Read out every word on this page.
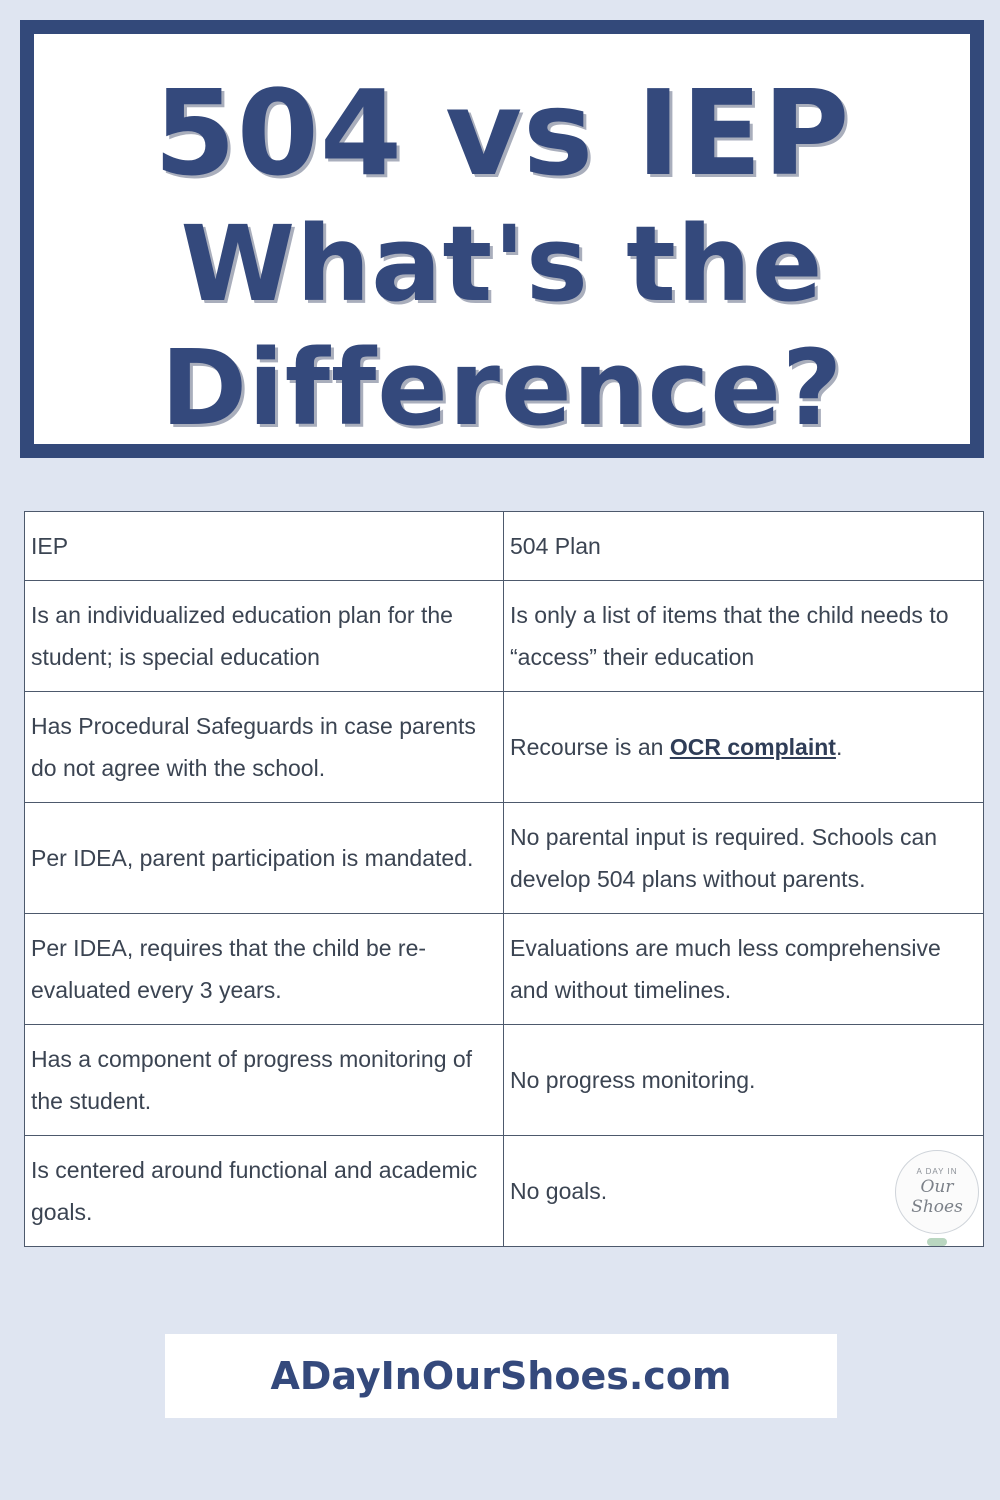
504 vs IEP
What's the
Difference?
IEP	504 Plan
Is an individualized education plan for the student; is special education	Is only a list of items that the child needs to “access” their education
Has Procedural Safeguards in case parents do not agree with the school.	Recourse is an OCR complaint.
Per IDEA, parent participation is mandated.	No parental input is required. Schools can develop 504 plans without parents.
Per IDEA, requires that the child be re-evaluated every 3 years.	Evaluations are much less comprehensive and without timelines.
Has a component of progress monitoring of the student.	No progress monitoring.
Is centered around functional and academic goals.	No goals.
A DAY IN
Our Shoes
ADayInOurShoes.com
